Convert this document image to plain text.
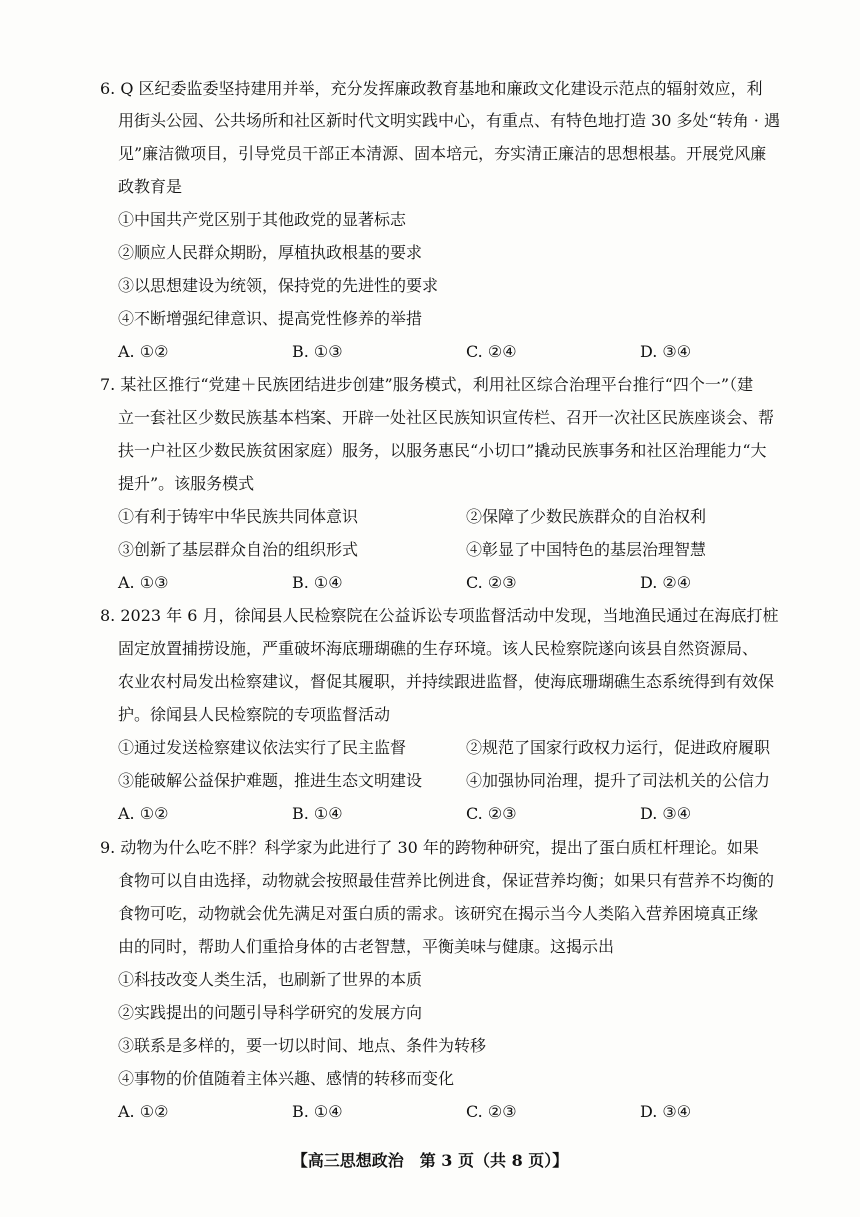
6. Q 区纪委监委坚持建用并举，充分发挥廉政教育基地和廉政文化建设示范点的辐射效应，利
用街头公园、公共场所和社区新时代文明实践中心，有重点、有特色地打造 30 多处“转角 · 遇
见”廉洁微项目，引导党员干部正本清源、固本培元，夯实清正廉洁的思想根基。开展党风廉
政教育是
①中国共产党区别于其他政党的显著标志
②顺应人民群众期盼，厚植执政根基的要求
③以思想建设为统领，保持党的先进性的要求
④不断增强纪律意识、提高党性修养的举措
A. ①②	B. ①③	C. ②④	D. ③④
7. 某社区推行“党建＋民族团结进步创建”服务模式，利用社区综合治理平台推行“四个一”（建
立一套社区少数民族基本档案、开辟一处社区民族知识宣传栏、召开一次社区民族座谈会、帮
扶一户社区少数民族贫困家庭）服务，以服务惠民“小切口”撬动民族事务和社区治理能力“大
提升”。该服务模式
①有利于铸牢中华民族共同体意识	②保障了少数民族群众的自治权利
③创新了基层群众自治的组织形式	④彰显了中国特色的基层治理智慧
A. ①③	B. ①④	C. ②③	D. ②④
8. 2023 年 6 月，徐闻县人民检察院在公益诉讼专项监督活动中发现，当地渔民通过在海底打桩
固定放置捕捞设施，严重破坏海底珊瑚礁的生存环境。该人民检察院遂向该县自然资源局、
农业农村局发出检察建议，督促其履职，并持续跟进监督，使海底珊瑚礁生态系统得到有效保
护。徐闻县人民检察院的专项监督活动
①通过发送检察建议依法实行了民主监督	②规范了国家行政权力运行，促进政府履职
③能破解公益保护难题，推进生态文明建设	④加强协同治理，提升了司法机关的公信力
A. ①②	B. ①④	C. ②③	D. ③④
9. 动物为什么吃不胖？科学家为此进行了 30 年的跨物种研究，提出了蛋白质杠杆理论。如果
食物可以自由选择，动物就会按照最佳营养比例进食，保证营养均衡；如果只有营养不均衡的
食物可吃，动物就会优先满足对蛋白质的需求。该研究在揭示当今人类陷入营养困境真正缘
由的同时，帮助人们重拾身体的古老智慧，平衡美味与健康。这揭示出
①科技改变人类生活，也刷新了世界的本质
②实践提出的问题引导科学研究的发展方向
③联系是多样的，要一切以时间、地点、条件为转移
④事物的价值随着主体兴趣、感情的转移而变化
A. ①②	B. ①④	C. ②③	D. ③④
【高三思想政治　第 3 页（共 8 页）】
